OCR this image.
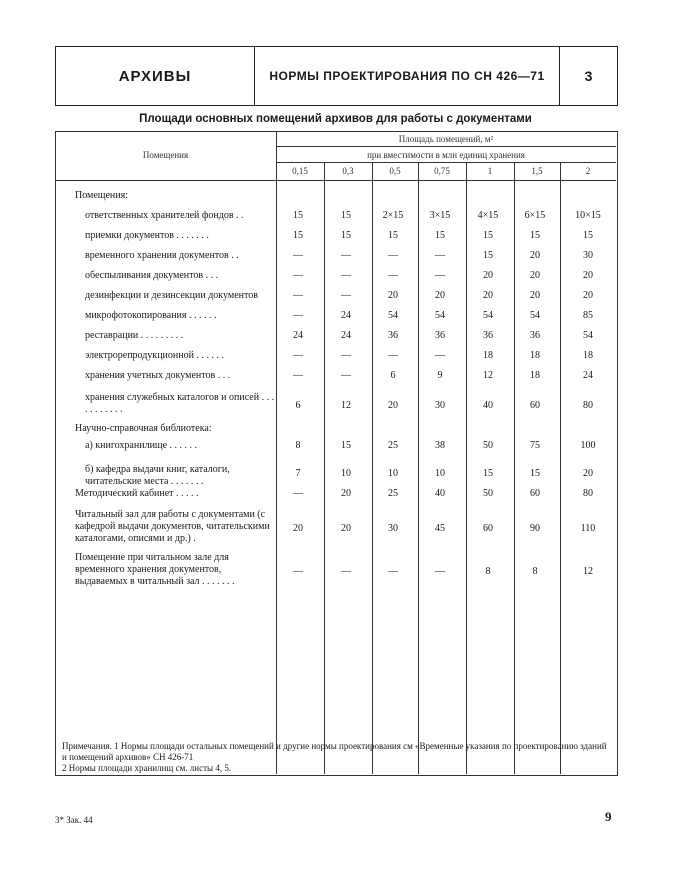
АРХИВЫ	НОРМЫ ПРОЕКТИРОВАНИЯ ПО СН 426—71	3
Площади основных помещений архивов для работы с документами
Помещения
Площадь помещений, м²
при вместимости в млн единиц хранения
0,15	0,3	0,5	0,75	1	1,5	2
Помещения:
ответственных хранителей фондов . .	15	15	2×15	3×15	4×15	6×15	10×15
приемки документов . . . . . . .	15	15	15	15	15	15	15
временного хранения документов . .	—	—	—	—	15	20	30
обеспыливания документов . . .	—	—	—	—	20	20	20
дезинфекции и дезинсекции документов	—	—	20	20	20	20	20
микрофотокопирования . . . . . .	—	24	54	54	54	54	85
реставрации . . . . . . . . .	24	24	36	36	36	36	54
электрорепродукционной . . . . . .	—	—	—	—	18	18	18
хранения учетных документов . . .	—	—	6	9	12	18	24
хранения служебных каталогов и описей . . . . . . . . . . .	6	12	20	30	40	60	80
Научно-справочная библиотека:
а) книгохранилище . . . . . .	8	15	25	38	50	75	100
б) кафедра выдачи книг, каталоги, читательские места . . . . . . .
7	10	10	10	15	15	20
Методический кабинет . . . . .	—	20	25	40	50	60	80
Читальный зал для работы с документами (с кафедрой выдачи документов, читательскими каталогами, описями и др.) .
20	20	30	45	60	90	110
Помещение при читальном зале для временного хранения документов, выдаваемых в читальный зал . . . . . . .
—	—	—	—	8	8	12
Примечания. 1 Нормы площади остальных помещений и другие нормы проектирования см «Временные указания по проектированию зданий и помещений архивов» СН 426-71
2 Нормы площади хранилищ см. листы 4, 5.
3* Зак. 44	9
